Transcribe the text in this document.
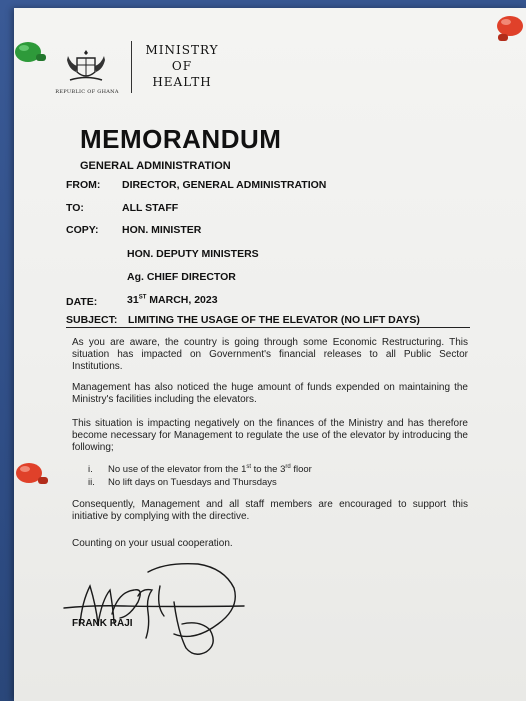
REPUBLIC OF GHANA

MINISTRY
OF
HEALTH

MEMORANDUM

GENERAL ADMINISTRATION

FROM: DIRECTOR, GENERAL ADMINISTRATION
TO:	ALL STAFF
COPY: HON. MINISTER
HON. DEPUTY MINISTERS
Ag. CHIEF DIRECTOR
DATE:	31ST MARCH, 2023
SUBJECT: LIMITING THE USAGE OF THE ELEVATOR (NO LIFT DAYS)

As you are aware, the country is going through some Economic Restructuring. This situation has impacted on Government's financial releases to all Public Sector Institutions.

Management has also noticed the huge amount of funds expended on maintaining the Ministry's facilities including the elevators.

This situation is impacting negatively on the finances of the Ministry and has therefore become necessary for Management to regulate the use of the elevator by introducing the following;

i. No use of the elevator from the 1st to the 3rd floor
ii. No lift days on Tuesdays and Thursdays

Consequently, Management and all staff members are encouraged to support this initiative by complying with the directive.

Counting on your usual cooperation.

FRANK RAJI
